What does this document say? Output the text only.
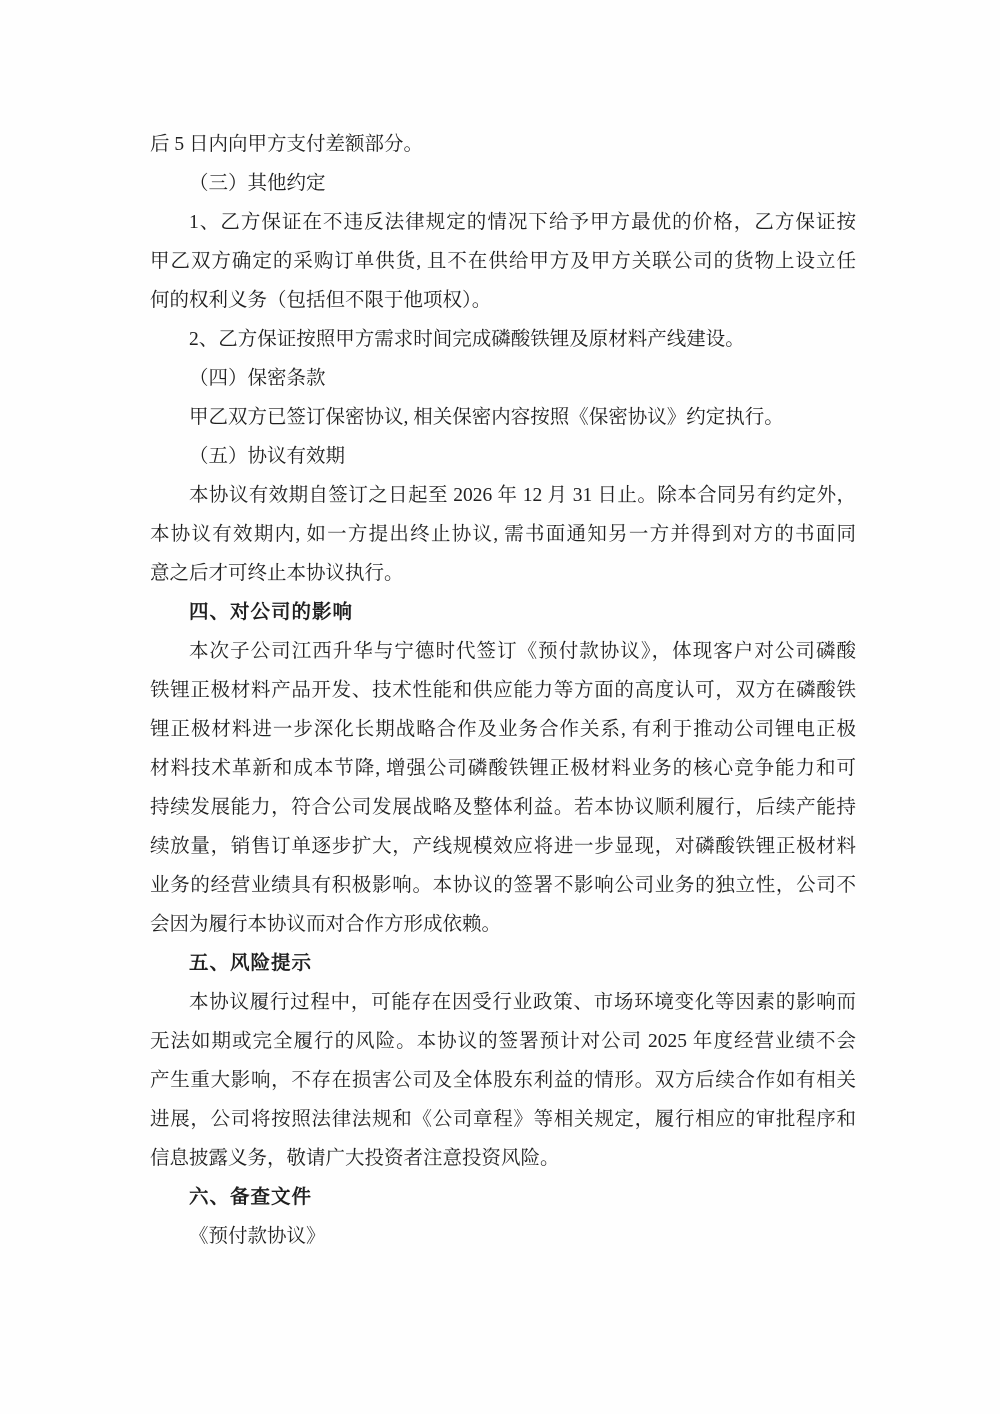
后 5 日内向甲方支付差额部分。
（三）其他约定
1、乙方保证在不违反法律规定的情况下给予甲方最优的价格，乙方保证按
甲乙双方确定的采购订单供货, 且不在供给甲方及甲方关联公司的货物上设立任
何的权利义务（包括但不限于他项权）。
2、乙方保证按照甲方需求时间完成磷酸铁锂及原材料产线建设。
（四）保密条款
甲乙双方已签订保密协议, 相关保密内容按照《保密协议》约定执行。
（五）协议有效期
本协议有效期自签订之日起至 2026 年 12 月 31 日止。除本合同另有约定外，
本协议有效期内, 如一方提出终止协议, 需书面通知另一方并得到对方的书面同
意之后才可终止本协议执行。
四、对公司的影响
本次子公司江西升华与宁德时代签订《预付款协议》，体现客户对公司磷酸
铁锂正极材料产品开发、技术性能和供应能力等方面的高度认可，双方在磷酸铁
锂正极材料进一步深化长期战略合作及业务合作关系, 有利于推动公司锂电正极
材料技术革新和成本节降, 增强公司磷酸铁锂正极材料业务的核心竞争能力和可
持续发展能力，符合公司发展战略及整体利益。若本协议顺利履行，后续产能持
续放量，销售订单逐步扩大，产线规模效应将进一步显现，对磷酸铁锂正极材料
业务的经营业绩具有积极影响。本协议的签署不影响公司业务的独立性，公司不
会因为履行本协议而对合作方形成依赖。
五、风险提示
本协议履行过程中，可能存在因受行业政策、市场环境变化等因素的影响而
无法如期或完全履行的风险。本协议的签署预计对公司 2025 年度经营业绩不会
产生重大影响，不存在损害公司及全体股东利益的情形。双方后续合作如有相关
进展，公司将按照法律法规和《公司章程》等相关规定，履行相应的审批程序和
信息披露义务，敬请广大投资者注意投资风险。
六、备查文件
《预付款协议》
